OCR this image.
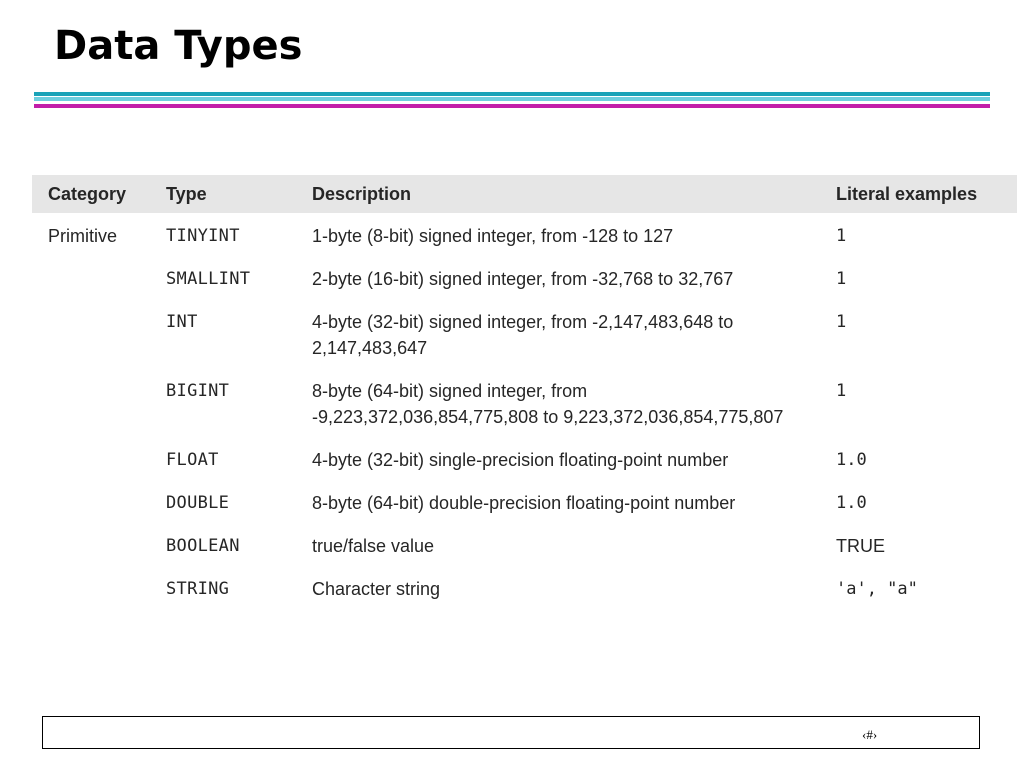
Data Types
Category	Type	Description	Literal examples
Primitive	TINYINT	1-byte (8-bit) signed integer, from -128 to 127	1
	SMALLINT	2-byte (16-bit) signed integer, from -32,768 to 32,767	1
	INT	4-byte (32-bit) signed integer, from -2,147,483,648 to 2,147,483,647	1
	BIGINT	8-byte (64-bit) signed integer, from -9,223,372,036,854,775,808 to 9,223,372,036,854,775,807	1
	FLOAT	4-byte (32-bit) single-precision floating-point number	1.0
	DOUBLE	8-byte (64-bit) double-precision floating-point number	1.0
	BOOLEAN	true/false value	TRUE
	STRING	Character string	'a', "a"
‹#›
